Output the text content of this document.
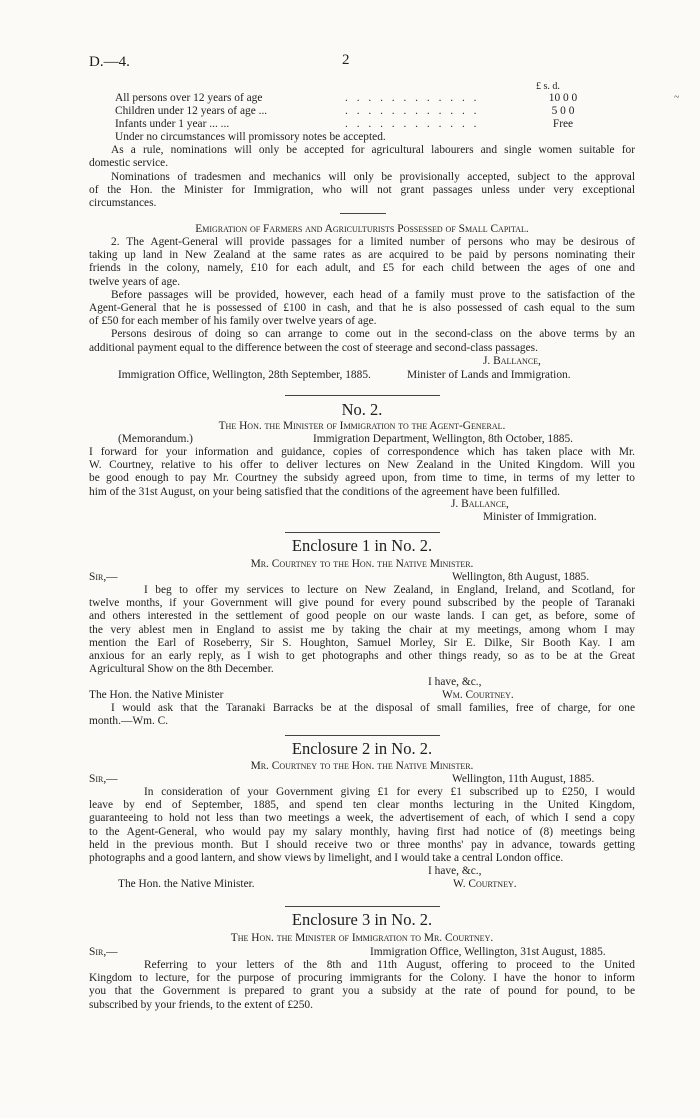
D.—4.	2
~
£ s. d.
All persons over 12 years of age	. . . . . . . . . . . .	10 0 0
Children under 12 years of age ...	. . . . . . . . . . . .	5 0 0
Infants under 1 year ... ...	. . . . . . . . . . . .	Free
Under no circumstances will promissory notes be accepted.
As a rule, nominations will only be accepted for agricultural labourers and single women suitable for
domestic service.
Nominations of tradesmen and mechanics will only be provisionally accepted, subject to the approval
of the Hon. the Minister for Immigration, who will not grant passages unless under very exceptional
circumstances.
Emigration of Farmers and Agriculturists Possessed of Small Capital.
2. The Agent-General will provide passages for a limited number of persons who may be desirous of
taking up land in New Zealand at the same rates as are acquired to be paid by persons nominating their
friends in the colony, namely, £10 for each adult, and £5 for each child between the ages of one and
twelve years of age.
Before passages will be provided, however, each head of a family must prove to the satisfaction of the
Agent-General that he is possessed of £100 in cash, and that he is also possessed of cash equal to the sum
of £50 for each member of his family over twelve years of age.
Persons desirous of doing so can arrange to come out in the second-class on the above terms by an
additional payment equal to the difference between the cost of steerage and second-class passages.
J. Ballance,
Immigration Office, Wellington, 28th September, 1885.	Minister of Lands and Immigration.
No. 2.
The Hon. the Minister of Immigration to the Agent-General.
(Memorandum.)	Immigration Department, Wellington, 8th October, 1885.
I forward for your information and guidance, copies of correspondence which has taken place with Mr.
W. Courtney, relative to his offer to deliver lectures on New Zealand in the United Kingdom. Will you
be good enough to pay Mr. Courtney the subsidy agreed upon, from time to time, in terms of my letter to
him of the 31st August, on your being satisfied that the conditions of the agreement have been fulfilled.
J. Ballance,
Minister of Immigration.
Enclosure 1 in No. 2.
Mr. Courtney to the Hon. the Native Minister.
Sir,—	Wellington, 8th August, 1885.
I beg to offer my services to lecture on New Zealand, in England, Ireland, and Scotland, for
twelve months, if your Government will give pound for every pound subscribed by the people of Taranaki
and others interested in the settlement of good people on our waste lands. I can get, as before, some of
the very ablest men in England to assist me by taking the chair at my meetings, among whom I may
mention the Earl of Roseberry, Sir S. Houghton, Samuel Morley, Sir E. Dilke, Sir Booth Kay. I am
anxious for an early reply, as I wish to get photographs and other things ready, so as to be at the Great
Agricultural Show on the 8th December.
I have, &c.,
The Hon. the Native Minister	Wm. Courtney.
I would ask that the Taranaki Barracks be at the disposal of small families, free of charge, for one
month.—Wm. C.
Enclosure 2 in No. 2.
Mr. Courtney to the Hon. the Native Minister.
Sir,—	Wellington, 11th August, 1885.
In consideration of your Government giving £1 for every £1 subscribed up to £250, I would
leave by end of September, 1885, and spend ten clear months lecturing in the United Kingdom,
guaranteeing to hold not less than two meetings a week, the advertisement of each, of which I send a copy
to the Agent-General, who would pay my salary monthly, having first had notice of (8) meetings being
held in the previous month. But I should receive two or three months' pay in advance, towards getting
photographs and a good lantern, and show views by limelight, and I would take a central London office.
I have, &c.,
The Hon. the Native Minister.	W. Courtney.
Enclosure 3 in No. 2.
The Hon. the Minister of Immigration to Mr. Courtney.
Sir,—	Immigration Office, Wellington, 31st August, 1885.
Referring to your letters of the 8th and 11th August, offering to proceed to the United
Kingdom to lecture, for the purpose of procuring immigrants for the Colony. I have the honor to inform
you that the Government is prepared to grant you a subsidy at the rate of pound for pound, to be
subscribed by your friends, to the extent of £250.
